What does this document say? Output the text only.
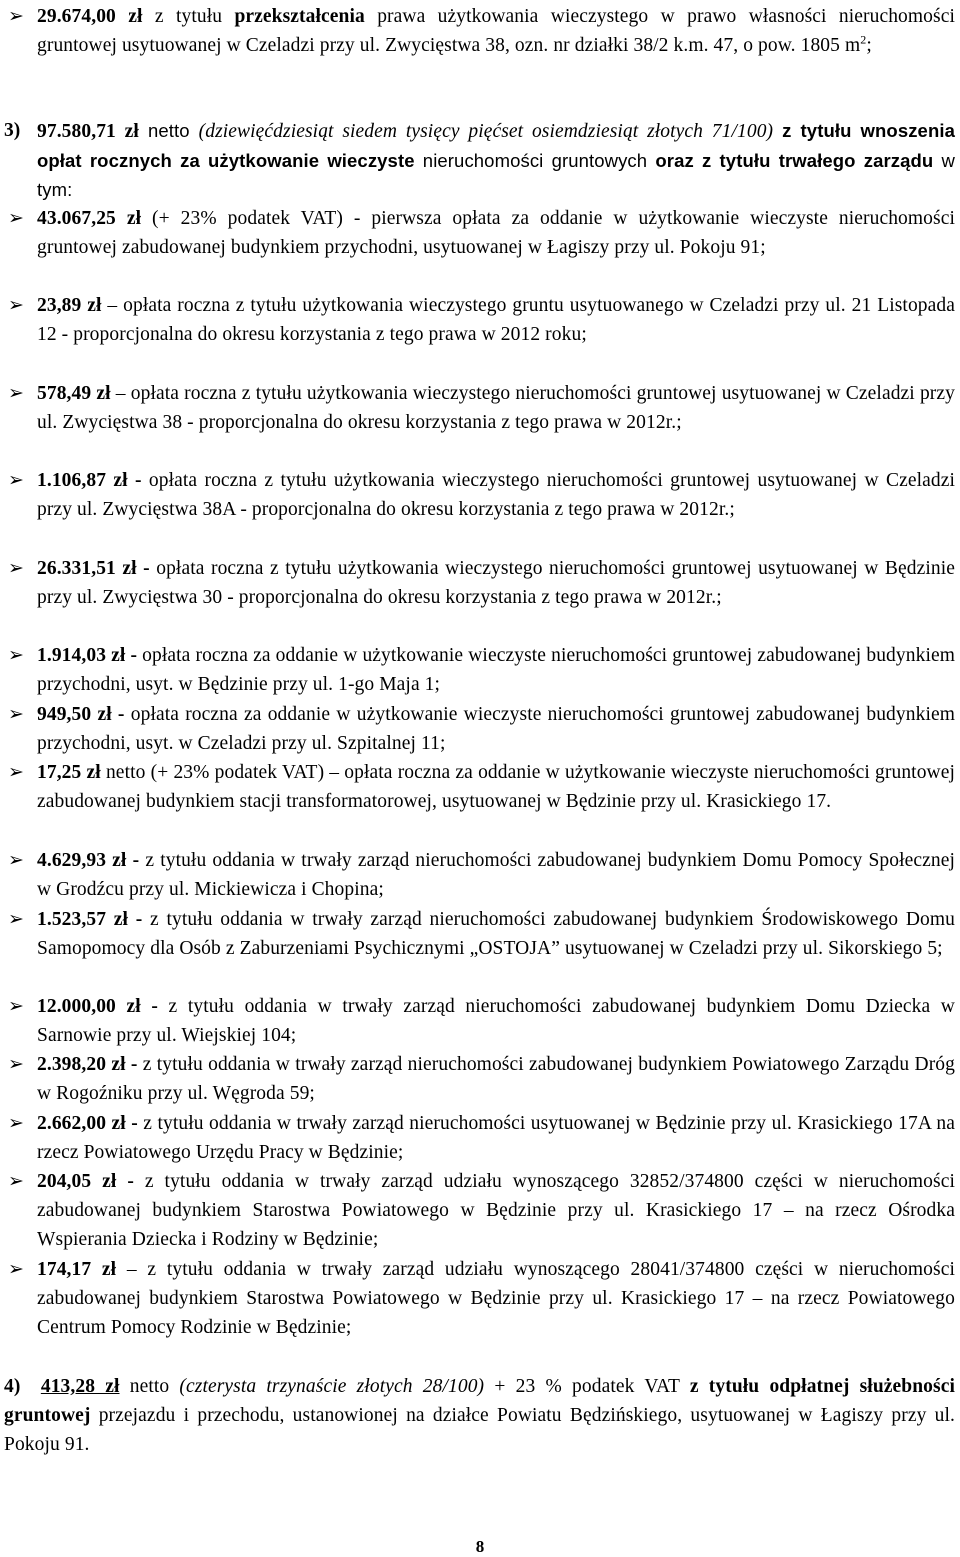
➢

29.674,00 zł z tytułu przekształcenia prawa użytkowania wieczystego w prawo własności nieruchomości gruntowej usytuowanej w Czeladzi przy ul. Zwycięstwa 38, ozn. nr działki 38/2 k.m. 47, o pow. 1805 $m^2$;

3) 97.580,71 zł netto (dziewięćdziesiąt siedem tysięcy pięćset osiemdziesiąt złotych 71/100) z tytułu wnoszenia opłat rocznych za użytkowanie wieczyste nieruchomości gruntowych oraz z tytułu trwałego zarządu w tym:

➢

43.067,25 zł (+ 23% podatek VAT) - pierwsza opłata za oddanie w użytkowanie wieczyste nieruchomości gruntowej zabudowanej budynkiem przychodni, usytuowanej w Łagiszy przy ul. Pokoju 91;

➢

23,89 zł – opłata roczna z tytułu użytkowania wieczystego gruntu usytuowanego w Czeladzi przy ul. 21 Listopada 12 - proporcjonalna do okresu korzystania z tego prawa w 2012 roku;

➢

578,49 zł – opłata roczna z tytułu użytkowania wieczystego nieruchomości gruntowej usytuowanej w Czeladzi przy ul. Zwycięstwa 38 - proporcjonalna do okresu korzystania z tego prawa w 2012r.;

➢

1.106,87 zł - opłata roczna z tytułu użytkowania wieczystego nieruchomości gruntowej usytuowanej w Czeladzi przy ul. Zwycięstwa 38A - proporcjonalna do okresu korzystania z tego prawa w 2012r.;

➢

26.331,51 zł - opłata roczna z tytułu użytkowania wieczystego nieruchomości gruntowej usytuowanej w Będzinie przy ul. Zwycięstwa 30 - proporcjonalna do okresu korzystania z tego prawa w 2012r.;

➢

1.914,03 zł - opłata roczna za oddanie w użytkowanie wieczyste nieruchomości gruntowej zabudowanej budynkiem przychodni, usyt. w Będzinie przy ul. 1-go Maja 1;

➢

949,50 zł - opłata roczna za oddanie w użytkowanie wieczyste nieruchomości gruntowej zabudowanej budynkiem przychodni, usyt. w Czeladzi przy ul. Szpitalnej 11;

➢

17,25 zł netto (+ 23% podatek VAT) – opłata roczna za oddanie w użytkowanie wieczyste nieruchomości gruntowej zabudowanej budynkiem stacji transformatorowej, usytuowanej w Będzinie przy ul. Krasickiego 17.

➢

4.629,93 zł - z tytułu oddania w trwały zarząd nieruchomości zabudowanej budynkiem Domu Pomocy Społecznej w Grodźcu przy ul. Mickiewicza i Chopina;

➢

1.523,57 zł - z tytułu oddania w trwały zarząd nieruchomości zabudowanej budynkiem Środowiskowego Domu Samopomocy dla Osób z Zaburzeniami Psychicznymi „OSTOJA” usytuowanej w Czeladzi przy ul. Sikorskiego 5;

➢

12.000,00 zł - z tytułu oddania w trwały zarząd nieruchomości zabudowanej budynkiem Domu Dziecka w Sarnowie przy ul. Wiejskiej 104;

➢

2.398,20 zł - z tytułu oddania w trwały zarząd nieruchomości zabudowanej budynkiem Powiatowego Zarządu Dróg w Rogoźniku przy ul. Węgroda 59;

➢

2.662,00 zł - z tytułu oddania w trwały zarząd nieruchomości usytuowanej w Będzinie przy ul. Krasickiego 17A na rzecz Powiatowego Urzędu Pracy w Będzinie;

➢

204,05 zł - z tytułu oddania w trwały zarząd udziału wynoszącego 32852/374800 części w nieruchomości zabudowanej budynkiem Starostwa Powiatowego w Będzinie przy ul. Krasickiego 17 – na rzecz Ośrodka Wspierania Dziecka i Rodziny w Będzinie;

➢

174,17 zł – z tytułu oddania w trwały zarząd udziału wynoszącego 28041/374800 części w nieruchomości zabudowanej budynkiem Starostwa Powiatowego w Będzinie przy ul. Krasickiego 17 – na rzecz Powiatowego Centrum Pomocy Rodzinie w Będzinie;

4) 413,28 zł netto (czterysta trzynaście złotych 28/100) + 23 % podatek VAT z tytułu odpłatnej służebności gruntowej przejazdu i przechodu, ustanowionej na działce Powiatu Będzińskiego, usytuowanej w Łagiszy przy ul. Pokoju 91.

8
